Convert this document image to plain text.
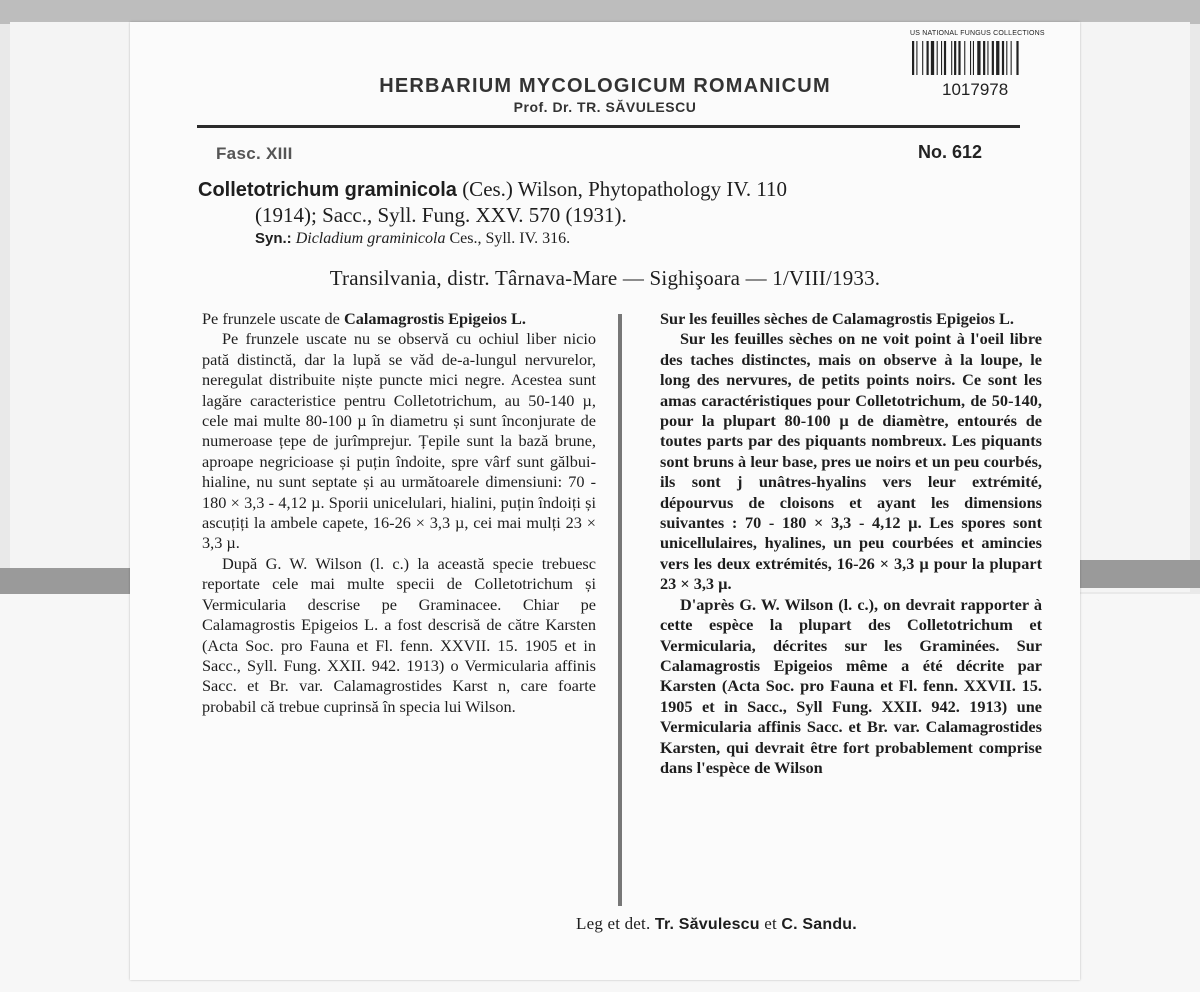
US NATIONAL FUNGUS COLLECTIONS
1017978
HERBARIUM MYCOLOGICUM ROMANICUM
Prof. Dr. TR. SĂVULESCU
Fasc. XIII	No. 612
Colletotrichum graminicola (Ces.) Wilson, Phytopathology IV. 110
(1914); Sacc., Syll. Fung. XXV. 570 (1931).
Syn.: Dicladium graminicola Ces., Syll. IV. 316.
Transilvania, distr. Târnava-Mare — Sighişoara — 1/VIII/1933.

Pe frunzele uscate de Calamagrostis Epigeios L.

Pe frunzele uscate nu se observă cu ochiul liber nicio pată distinctă, dar la lupă se văd de-a-lungul nervurelor, neregulat distribuite niște puncte mici negre. Acestea sunt lagăre caracteristice pentru Colletotrichum, au 50-140 µ, cele mai multe 80-100 µ în diametru și sunt înconjurate de numeroase țepe de jurîmprejur. Țepile sunt la bază brune, aproape negricioase și puțin îndoite, spre vârf sunt gălbui-hialine, nu sunt septate și au următoarele dimensiuni: 70 - 180 × 3,3 - 4,12 µ. Sporii unicelulari, hialini, puțin îndoiți și ascuțiți la ambele capete, 16-26 × 3,3 µ, cei mai mulți 23 × 3,3 µ.

După G. W. Wilson (l. c.) la această specie trebuesc reportate cele mai multe specii de Colletotrichum și Vermicularia descrise pe Graminacee. Chiar pe Calamagrostis Epigeios L. a fost descrisă de către Karsten (Acta Soc. pro Fauna et Fl. fenn. XXVII. 15. 1905 et in Sacc., Syll. Fung. XXII. 942. 1913) o Vermicularia affinis Sacc. et Br. var. Calamagrostides Karst n, care foarte probabil că trebue cuprinsă în specia lui Wilson.

Sur les feuilles sèches de Calamagrostis Epigeios L.

Sur les feuilles sèches on ne voit point à l'oeil libre des taches distinctes, mais on observe à la loupe, le long des nervures, de petits points noirs. Ce sont les amas caractéristiques pour Colletotrichum, de 50-140, pour la plupart 80-100 µ de diamètre, entourés de toutes parts par des piquants nombreux. Les piquants sont bruns à leur base, pres ue noirs et un peu courbés, ils sont j unâtres-hyalins vers leur extrémité, dépourvus de cloisons et ayant les dimensions suivantes : 70 - 180 × 3,3 - 4,12 µ. Les spores sont unicellulaires, hyalines, un peu courbées et amincies vers les deux extrémités, 16-26 × 3,3 µ pour la plupart 23 × 3,3 µ.

D'après G. W. Wilson (l. c.), on devrait rapporter à cette espèce la plupart des Colletotrichum et Vermicularia, décrites sur les Graminées. Sur Calamagrostis Epigeios même a été décrite par Karsten (Acta Soc. pro Fauna et Fl. fenn. XXVII. 15. 1905 et in Sacc., Syll Fung. XXII. 942. 1913) une Vermicularia affinis Sacc. et Br. var. Calamagrostides Karsten, qui devrait être fort probablement comprise dans l'espèce de Wilson

Leg et det. Tr. Săvulescu et C. Sandu.
